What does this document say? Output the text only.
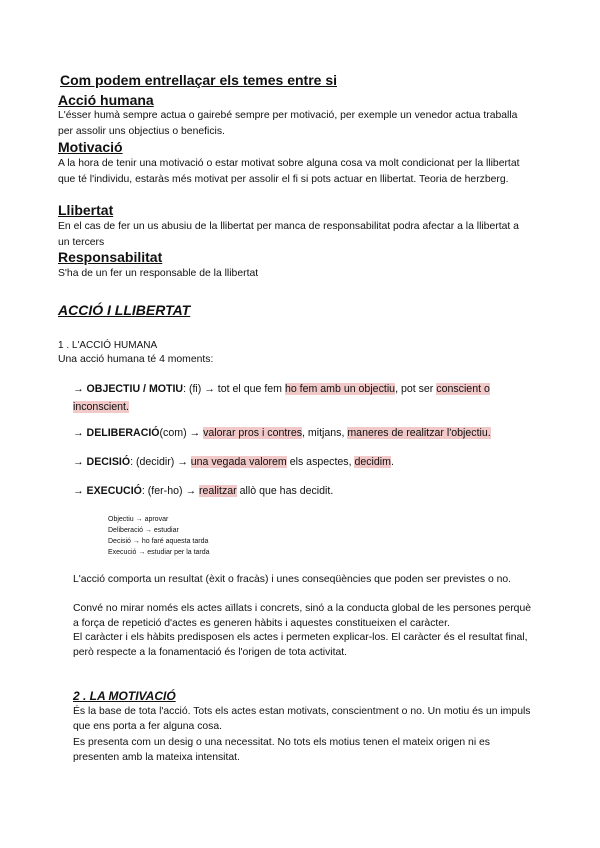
Com podem entrellaçar els temes entre si
Acció humana
L'ésser humà sempre actua o gairebé sempre per motivació, per exemple un venedor actua traballa per assolir uns objectius o beneficis.
Motivació
A la hora de tenir una motivació o estar motivat sobre alguna cosa va molt condicionat per la llibertat que té l'individu, estaràs més motivat per assolir el fi si pots actuar en llibertat. Teoria de herzberg.
Llibertat
En el cas de fer un us abusiu de la llibertat per manca de responsabilitat podra afectar a la llibertat a un tercers
Responsabilitat
S'ha de un fer un responsable de la llibertat
ACCIÓ I LLIBERTAT
1 . L'ACCIÓ HUMANA
Una acció humana té 4 moments:
→ OBJECTIU / MOTIU: (fi) → tot el que fem ho fem amb un objectiu, pot ser conscient o inconscient.
→ DELIBERACIÓ(com) → valorar pros i contres, mitjans, maneres de realitzar l'objectiu.
→ DECISIÓ: (decidir) → una vegada valorem els aspectes, decidim.
→ EXECUCIÓ: (fer-ho) → realitzar allò que has decidit.
Objectiu → aprovar
Deliberació → estudiar
Decisió → ho faré aquesta tarda
Execució → estudiar per la tarda
L'acció comporta un resultat (èxit o fracàs) i unes conseqüències que poden ser previstes o no.
Convé no mirar només els actes aïllats i concrets, sinó a la conducta global de les persones perquè a força de repetició d'actes es generen hàbits i aquestes constitueixen el caràcter.
El caràcter i els hàbits predisposen els actes i permeten explicar-los. El caràcter és el resultat final, però respecte a la fonamentació és l'origen de tota activitat.
2 . LA MOTIVACIÓ
És la base de tota l'acció. Tots els actes estan motivats, conscientment o no. Un motiu és un impuls que ens porta a fer alguna cosa.
Es presenta com un desig o una necessitat. No tots els motius tenen el mateix origen ni es presenten amb la mateixa intensitat.
